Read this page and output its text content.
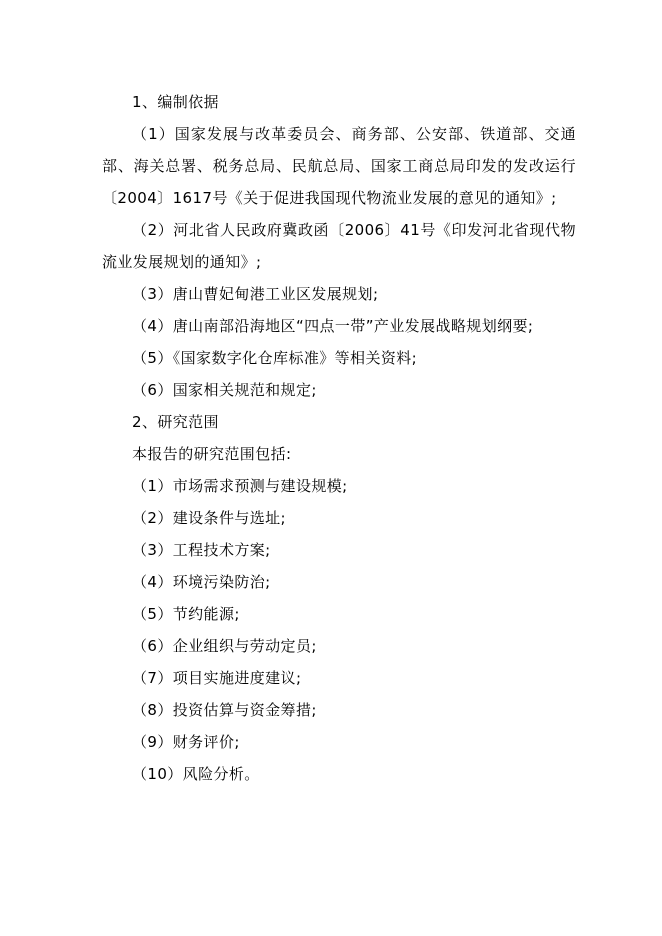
1、编制依据

（1）国家发展与改革委员会、商务部、公安部、铁道部、交通部、海关总署、税务总局、民航总局、国家工商总局印发的发改运行〔2004〕1617号《关于促进我国现代物流业发展的意见的通知》;

（2）河北省人民政府冀政函〔2006〕41号《印发河北省现代物流业发展规划的通知》;

（3）唐山曹妃甸港工业区发展规划;

（4）唐山南部沿海地区“四点一带”产业发展战略规划纲要;

（5）《国家数字化仓库标准》等相关资料;

（6）国家相关规范和规定;

2、研究范围

本报告的研究范围包括:

（1）市场需求预测与建设规模;

（2）建设条件与选址;

（3）工程技术方案;

（4）环境污染防治;

（5）节约能源;

（6）企业组织与劳动定员;

（7）项目实施进度建议;

（8）投资估算与资金筹措;

（9）财务评价;

（10）风险分析。
